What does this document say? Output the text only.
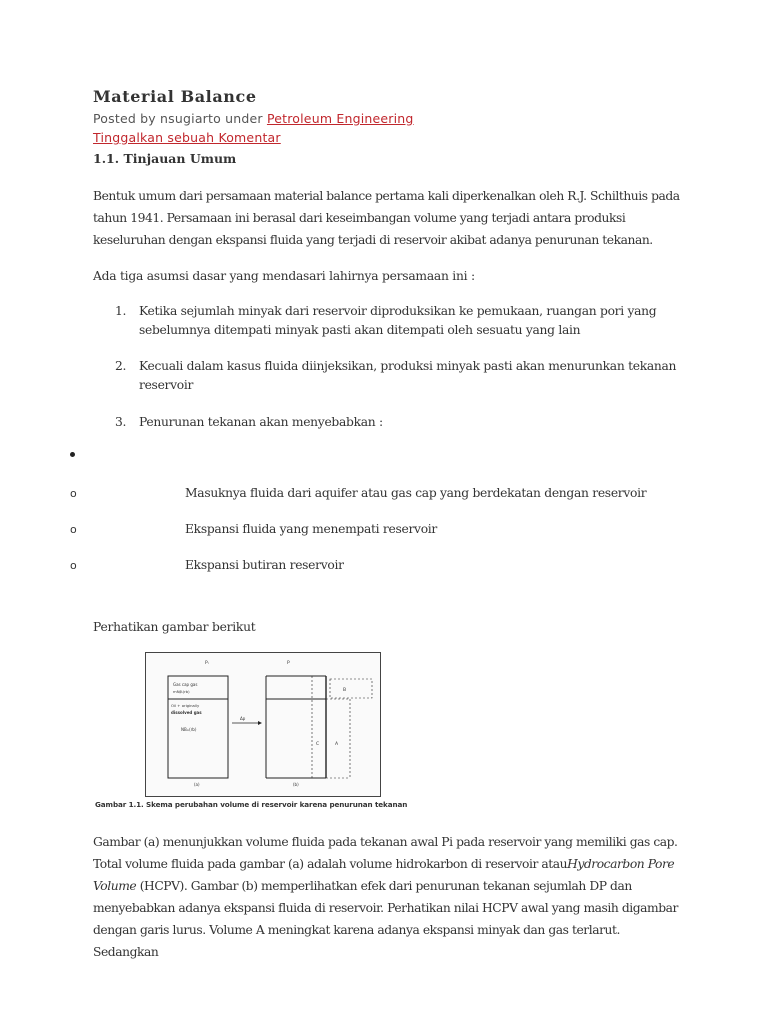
Material Balance
Posted by nsugiarto under Petroleum Engineering
Tinggalkan sebuah Komentar
1.1. Tinjauan Umum
Bentuk umum dari persamaan material balance pertama kali diperkenalkan oleh R.J. Schilthuis pada
tahun 1941. Persamaan ini berasal dari keseimbangan volume yang terjadi antara produksi
keseluruhan dengan ekspansi fluida yang terjadi di reservoir akibat adanya penurunan tekanan.
Ada tiga asumsi dasar yang mendasari lahirnya persamaan ini :
1.	Ketika sejumlah minyak dari reservoir diproduksikan ke pemukaan, ruangan pori yang
sebelumnya ditempati minyak pasti akan ditempati oleh sesuatu yang lain
2.	Kecuali dalam kasus fluida diinjeksikan, produksi minyak pasti akan menurunkan tekanan
reservoir
3.	Penurunan tekanan akan menyebabkan :
o	Masuknya fluida dari aquifer atau gas cap yang berdekatan dengan reservoir
o	Ekspansi fluida yang menempati reservoir
o	Ekspansi butiran reservoir
Perhatikan gambar berikut
Pᵢ	P
Gas cap gas
mNβᵢ(rb)
Oil + originally
dissolved gas
NBₒᵢ(rb)
(a)
Δp
B
C	A
(b)
Gambar 1.1. Skema perubahan volume di reservoir karena penurunan tekanan
Gambar (a) menunjukkan volume fluida pada tekanan awal Pi pada reservoir yang memiliki gas cap.
Total volume fluida pada gambar (a) adalah volume hidrokarbon di reservoir atauHydrocarbon Pore
Volume (HCPV). Gambar (b) memperlihatkan efek dari penurunan tekanan sejumlah DP dan
menyebabkan adanya ekspansi fluida di reservoir. Perhatikan nilai HCPV awal yang masih digambar
dengan garis lurus. Volume A meningkat karena adanya ekspansi minyak dan gas terlarut. Sedangkan
